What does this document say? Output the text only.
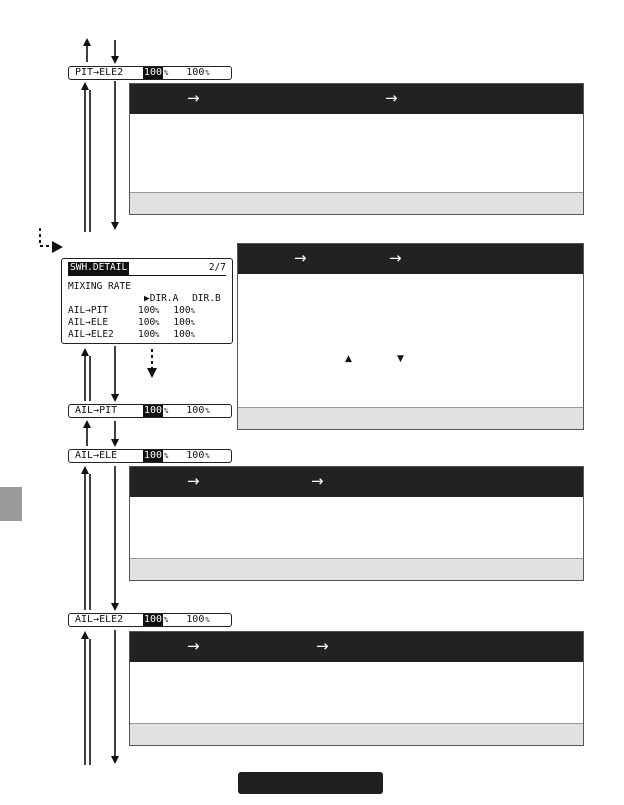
PIT→ELE2	100 % 100 %
AIL→PIT	100 % 100 %
AIL→ELE	100 % 100 %
AIL→ELE2	100 % 100 %
SWH.DETAIL	2/7
MIXING RATE
▶DIR.A DIR.B
AIL→PIT	100% 100%
AIL→ELE	100% 100%
AIL→ELE2	100% 100%
→	→
→	→
▲	▼
→	→
→	→
